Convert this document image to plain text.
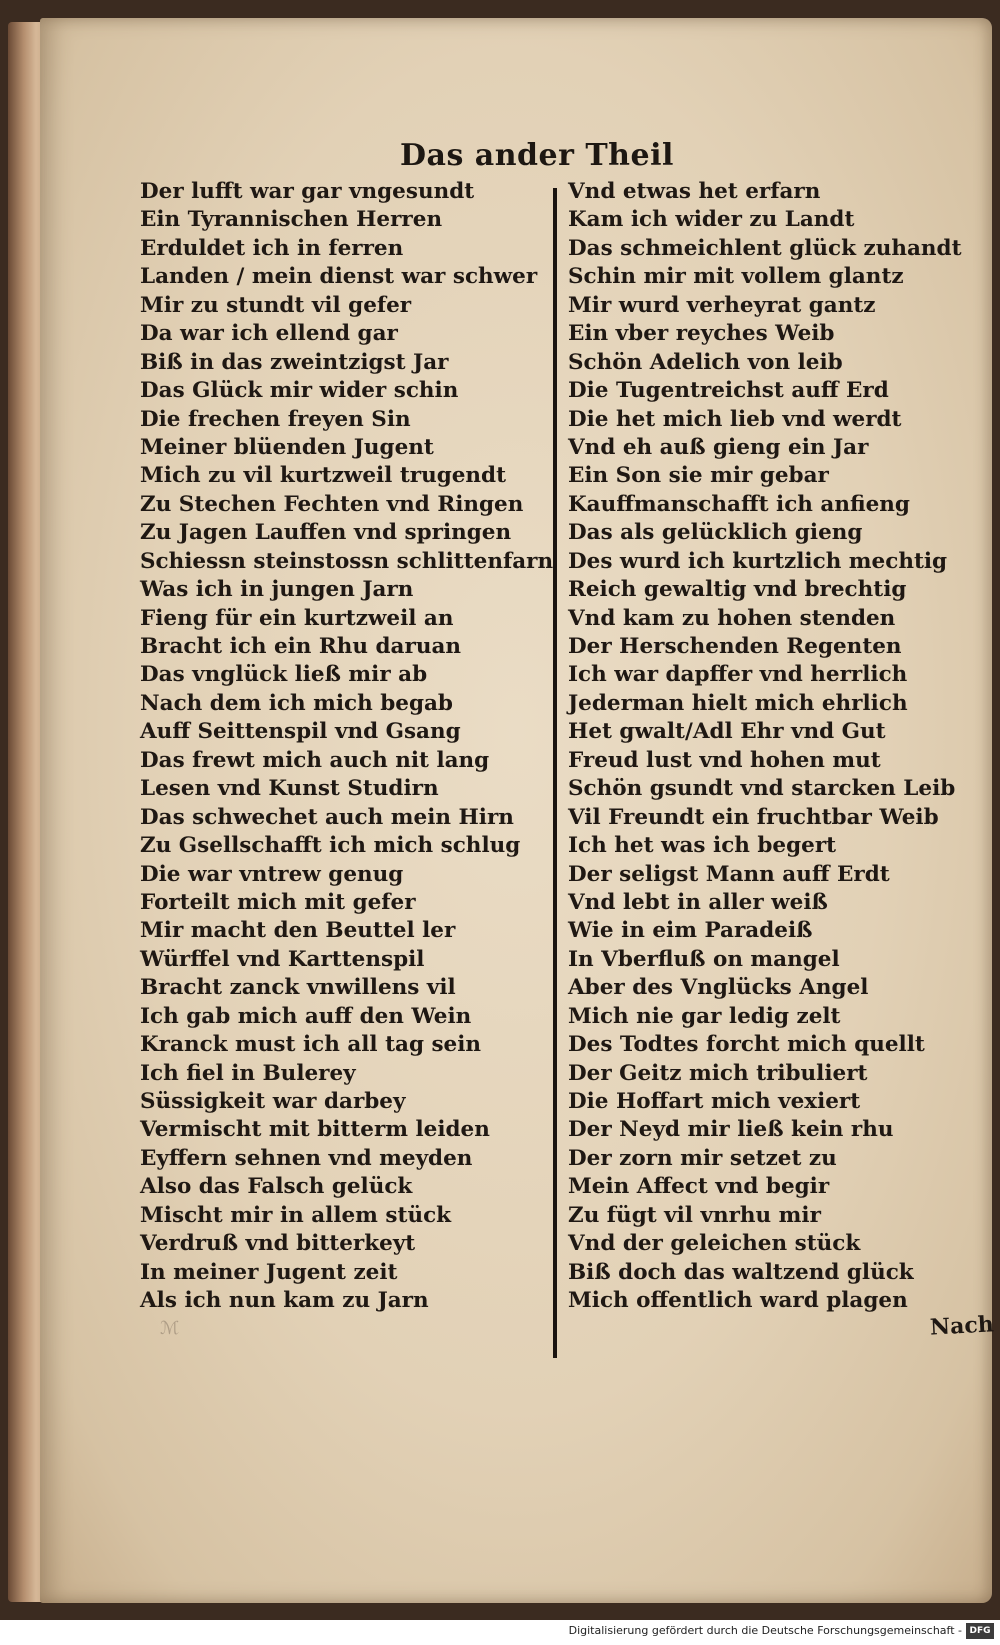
Das ander Theil
Der lufft war gar vngesundt
Ein Tyrannischen Herren
Erduldet ich in ferren
Landen / mein dienst war schwer
Mir zu stundt vil gefer
Da war ich ellend gar
Biß in das zweintzigst Jar
Das Glück mir wider schin
Die frechen freyen Sin
Meiner blüenden Jugent
Mich zu vil kurtzweil trugendt
Zu Stechen Fechten vnd Ringen
Zu Jagen Lauffen vnd springen
Schiessn steinstossn schlittenfarn
Was ich in jungen Jarn
Fieng für ein kurtzweil an
Bracht ich ein Rhu daruan
Das vnglück ließ mir ab
Nach dem ich mich begab
Auff Seittenspil vnd Gsang
Das frewt mich auch nit lang
Lesen vnd Kunst Studirn
Das schwechet auch mein Hirn
Zu Gsellschafft ich mich schlug
Die war vntrew genug
Forteilt mich mit gefer
Mir macht den Beuttel ler
Würffel vnd Karttenspil
Bracht zanck vnwillens vil
Ich gab mich auff den Wein
Kranck must ich all tag sein
Ich fiel in Bulerey
Süssigkeit war darbey
Vermischt mit bitterm leiden
Eyffern sehnen vnd meyden
Also das Falsch gelück
Mischt mir in allem stück
Verdruß vnd bitterkeyt
In meiner Jugent zeit
Als ich nun kam zu Jarn
Vnd etwas het erfarn
Kam ich wider zu Landt
Das schmeichlent glück zuhandt
Schin mir mit vollem glantz
Mir wurd verheyrat gantz
Ein vber reyches Weib
Schön Adelich von leib
Die Tugentreichst auff Erd
Die het mich lieb vnd werdt
Vnd eh auß gieng ein Jar
Ein Son sie mir gebar
Kauffmanschafft ich anfieng
Das als gelücklich gieng
Des wurd ich kurtzlich mechtig
Reich gewaltig vnd brechtig
Vnd kam zu hohen stenden
Der Herschenden Regenten
Ich war dapffer vnd herrlich
Jederman hielt mich ehrlich
Het gwalt/Adl Ehr vnd Gut
Freud lust vnd hohen mut
Schön gsundt vnd starcken Leib
Vil Freundt ein fruchtbar Weib
Ich het was ich begert
Der seligst Mann auff Erdt
Vnd lebt in aller weiß
Wie in eim Paradeiß
In Vberfluß on mangel
Aber des Vnglücks Angel
Mich nie gar ledig zelt
Des Todtes forcht mich quellt
Der Geitz mich tribuliert
Die Hoffart mich vexiert
Der Neyd mir ließ kein rhu
Der zorn mir setzet zu
Mein Affect vnd begir
Zu fügt vil vnrhu mir
Vnd der geleichen stück
Biß doch das waltzend glück
Mich offentlich ward plagen
ℳ	Nach
Digitalisierung gefördert durch die Deutsche Forschungsgemeinschaft - DFG
